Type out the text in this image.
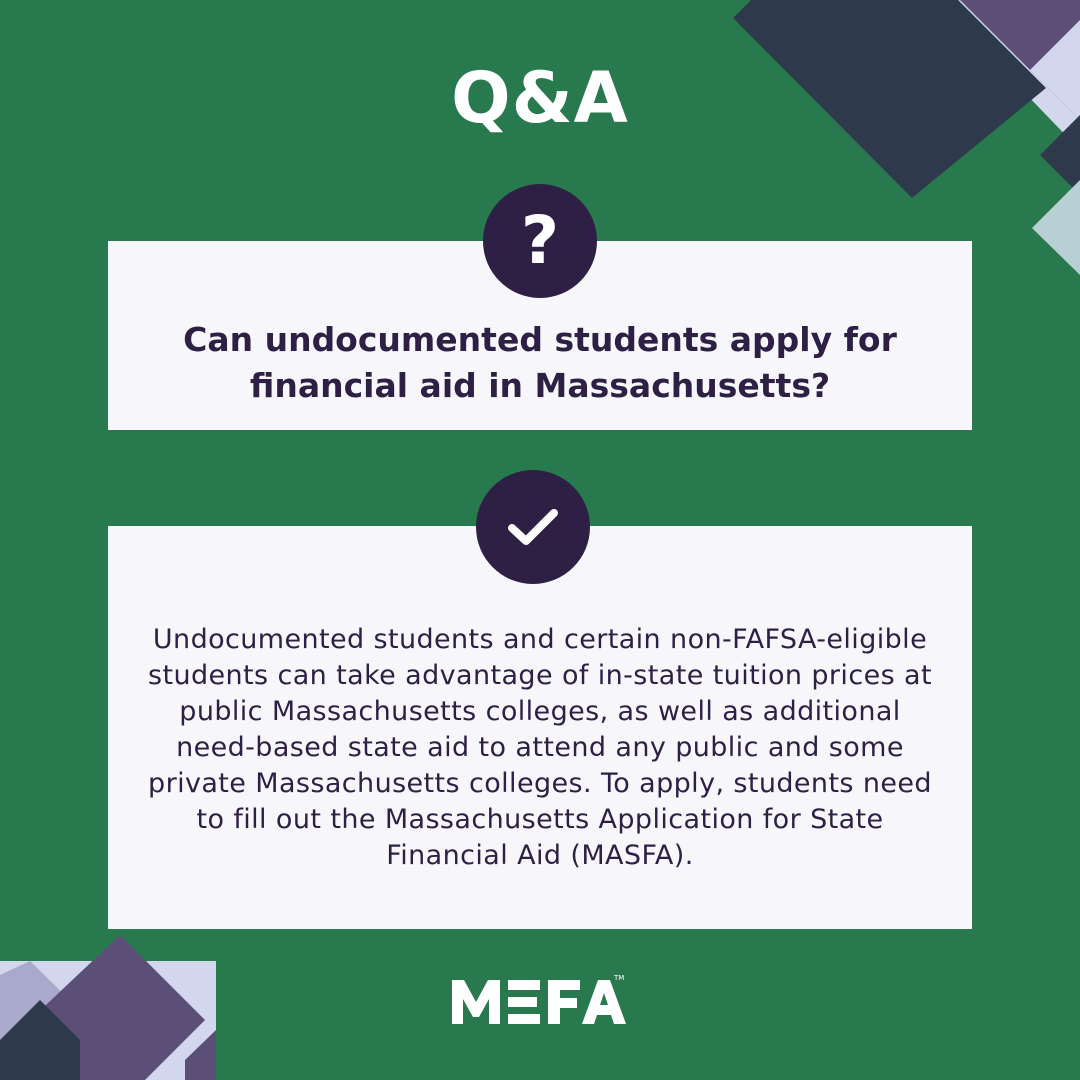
Q&A
Can undocumented students apply for financial aid in Massachusetts?
?
Undocumented students and certain non-FAFSA-eligible students can take advantage of in-state tuition prices at public Massachusetts colleges, as well as additional need-based state aid to attend any public and some private Massachusetts colleges. To apply, students need to fill out the Massachusetts Application for State Financial Aid (MASFA).
TM
